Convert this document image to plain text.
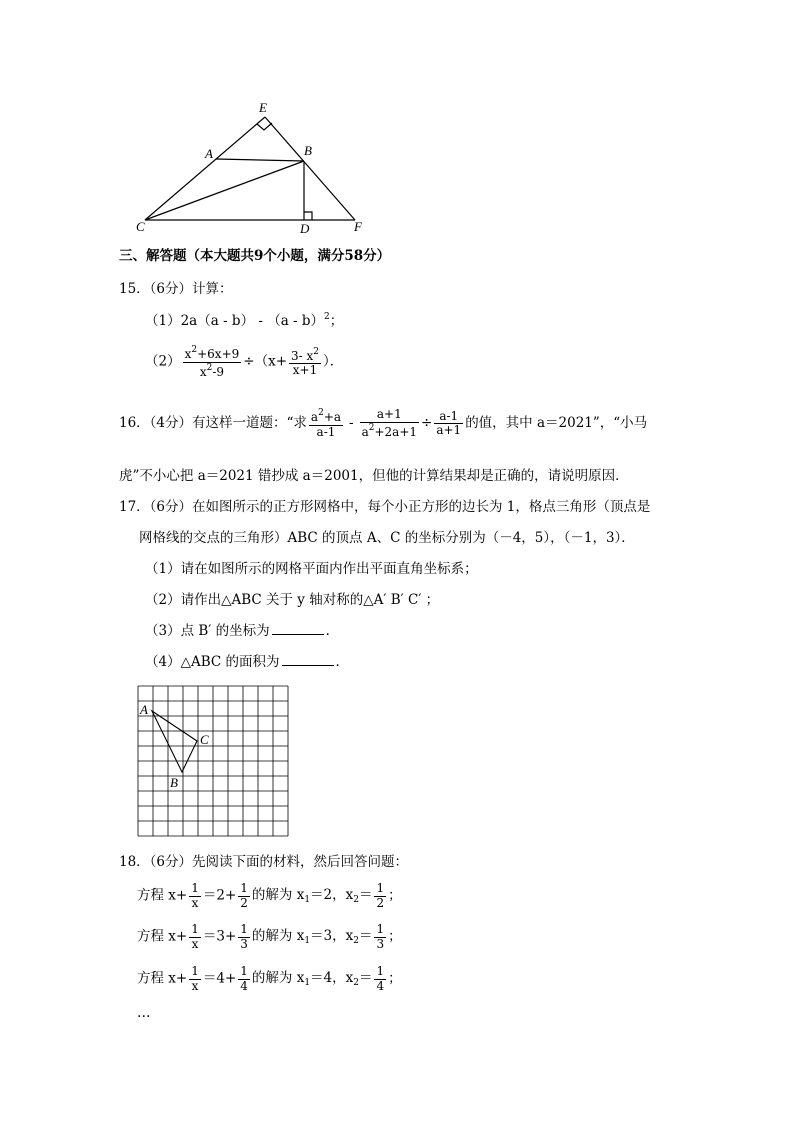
E
A	B
C	D	F
三、解答题（本大题共9个小题，满分58分）
15．（6分）计算：
（1）2a（a - b） - （a - b）$^2$；
$(2) \frac{x^2+6x+9}{x^2-9} \div(x+ \frac{3- x^2}{x+1}$ ）．
16．（4分）有这样一道题：“求 $\frac{a^2+a}{a-1} - \frac{a+1}{a^2+2a+1} \div \frac{a-1}{a+1}$ 的值，其中 a＝2021”，“小马
虎”不小心把 a＝2021 错抄成 a＝2001，但他的计算结果却是正确的，请说明原因．
17．（6分）在如图所示的正方形网格中，每个小正方形的边长为 1，格点三角形（顶点是
网格线的交点的三角形）ABC 的顶点 A、C 的坐标分别为（－4，5），（－1，3）．
（1）请在如图所示的网格平面内作出平面直角坐标系；
（2）请作出△ABC 关于 y 轴对称的△A′ B′ C′ ；
（3）点 B′ 的坐标为	．
（4）△ABC 的面积为	．
A
C
B
18．（6分）先阅读下面的材料，然后回答问题：
方程 $x+ \frac{1}{x} =2+ \frac{1}{2}$ 的解为 $x_1=2$，$x_2= \frac{1}{2}$ ；
方程 $x+ \frac{1}{x} =3+ \frac{1}{3}$ 的解为 $x_1=3$，$x_2= \frac{1}{3}$ ；
方程 $x+ \frac{1}{x} =4+ \frac{1}{4}$ 的解为 $x_1=4$，$x_2= \frac{1}{4}$ ；
…
